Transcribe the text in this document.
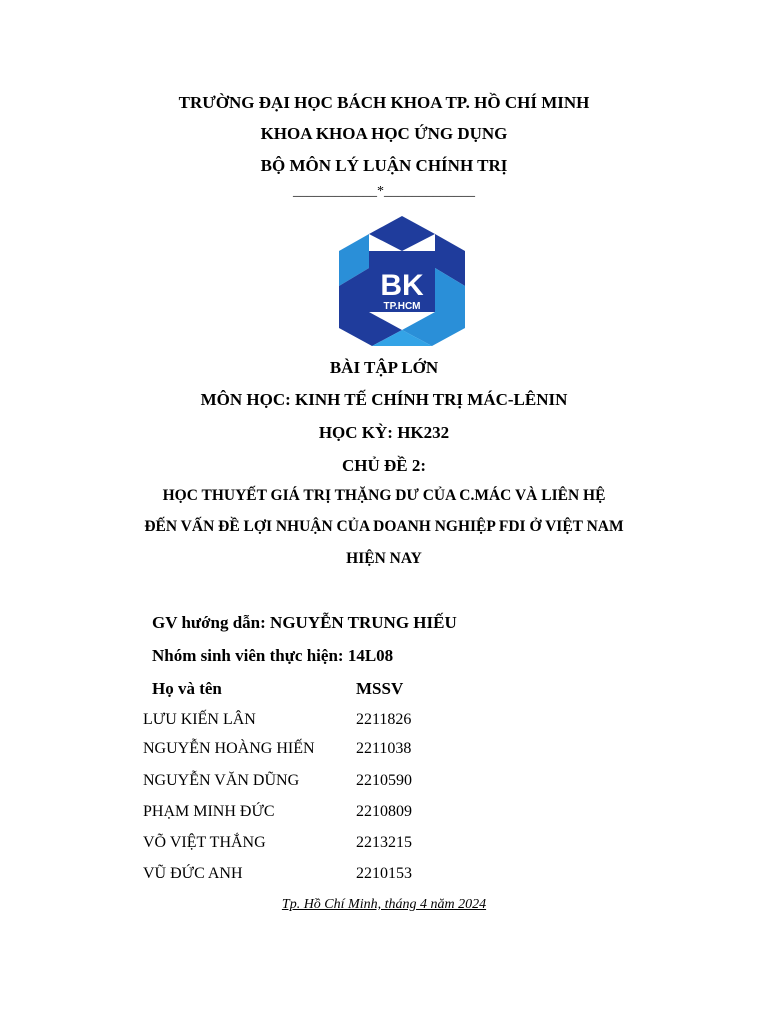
TRƯỜNG ĐẠI HỌC BÁCH KHOA TP. HỒ CHÍ MINH
KHOA KHOA HỌC ỨNG DỤNG
BỘ MÔN LÝ LUẬN CHÍNH TRỊ
____________*_____________
BK
TP.HCM
BÀI TẬP LỚN
MÔN HỌC: KINH TẾ CHÍNH TRỊ MÁC-LÊNIN
HỌC KỲ: HK232
CHỦ ĐỀ 2:
HỌC THUYẾT GIÁ TRỊ THẶNG DƯ CỦA C.MÁC VÀ LIÊN HỆ
ĐẾN VẤN ĐỀ LỢI NHUẬN CỦA DOANH NGHIỆP FDI Ở VIỆT NAM
HIỆN NAY
GV hướng dẫn: NGUYỄN TRUNG HIẾU
Nhóm sinh viên thực hiện: 14L08
Họ và tên	MSSV
LƯU KIẾN LÂN	2211826
NGUYỄN HOÀNG HIẾN	2211038
NGUYỄN VĂN DŨNG	2210590
PHẠM MINH ĐỨC	2210809
VÕ VIỆT THẮNG	2213215
VŨ ĐỨC ANH	2210153
Tp. Hồ Chí Minh, tháng 4 năm 2024
